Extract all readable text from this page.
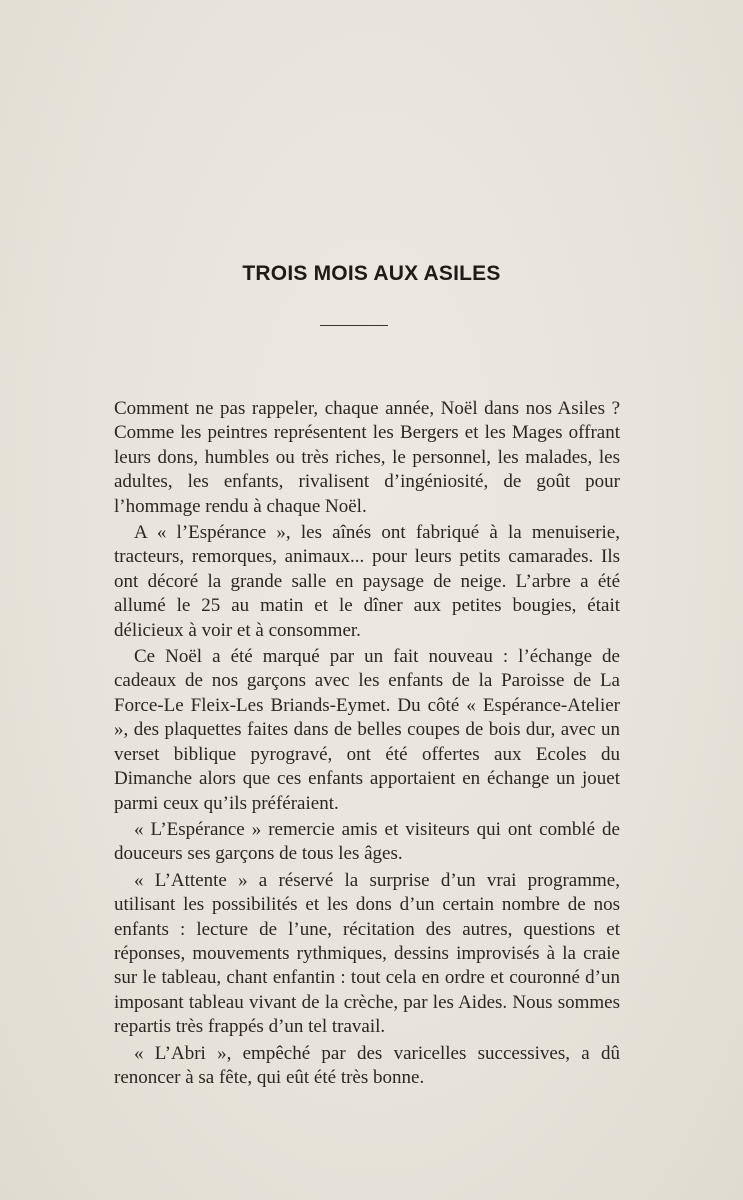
TROIS MOIS AUX ASILES

Comment ne pas rappeler, chaque année, Noël dans nos Asiles ? Comme les peintres représentent les Bergers et les Mages offrant leurs dons, humbles ou très riches, le personnel, les malades, les adultes, les enfants, rivalisent d’ingéniosité, de goût pour l’hommage rendu à chaque Noël.

A « l’Espérance », les aînés ont fabriqué à la menuiserie, tracteurs, remorques, animaux... pour leurs petits camarades. Ils ont décoré la grande salle en paysage de neige. L’arbre a été allumé le 25 au matin et le dîner aux petites bougies, était délicieux à voir et à consommer.

Ce Noël a été marqué par un fait nouveau : l’échange de cadeaux de nos garçons avec les enfants de la Paroisse de La Force-Le Fleix-Les Briands-Eymet. Du côté « Espérance-Atelier », des plaquettes faites dans de belles coupes de bois dur, avec un verset biblique pyrogravé, ont été offertes aux Ecoles du Dimanche alors que ces enfants apportaient en échange un jouet parmi ceux qu’ils préféraient.

« L’Espérance » remercie amis et visiteurs qui ont comblé de douceurs ses garçons de tous les âges.

« L’Attente » a réservé la surprise d’un vrai programme, utilisant les possibilités et les dons d’un certain nombre de nos enfants : lecture de l’une, récitation des autres, questions et réponses, mouvements rythmiques, dessins improvisés à la craie sur le tableau, chant enfantin : tout cela en ordre et couronné d’un imposant tableau vivant de la crèche, par les Aides. Nous sommes repartis très frappés d’un tel travail.

« L’Abri », empêché par des varicelles successives, a dû renoncer à sa fête, qui eût été très bonne.
